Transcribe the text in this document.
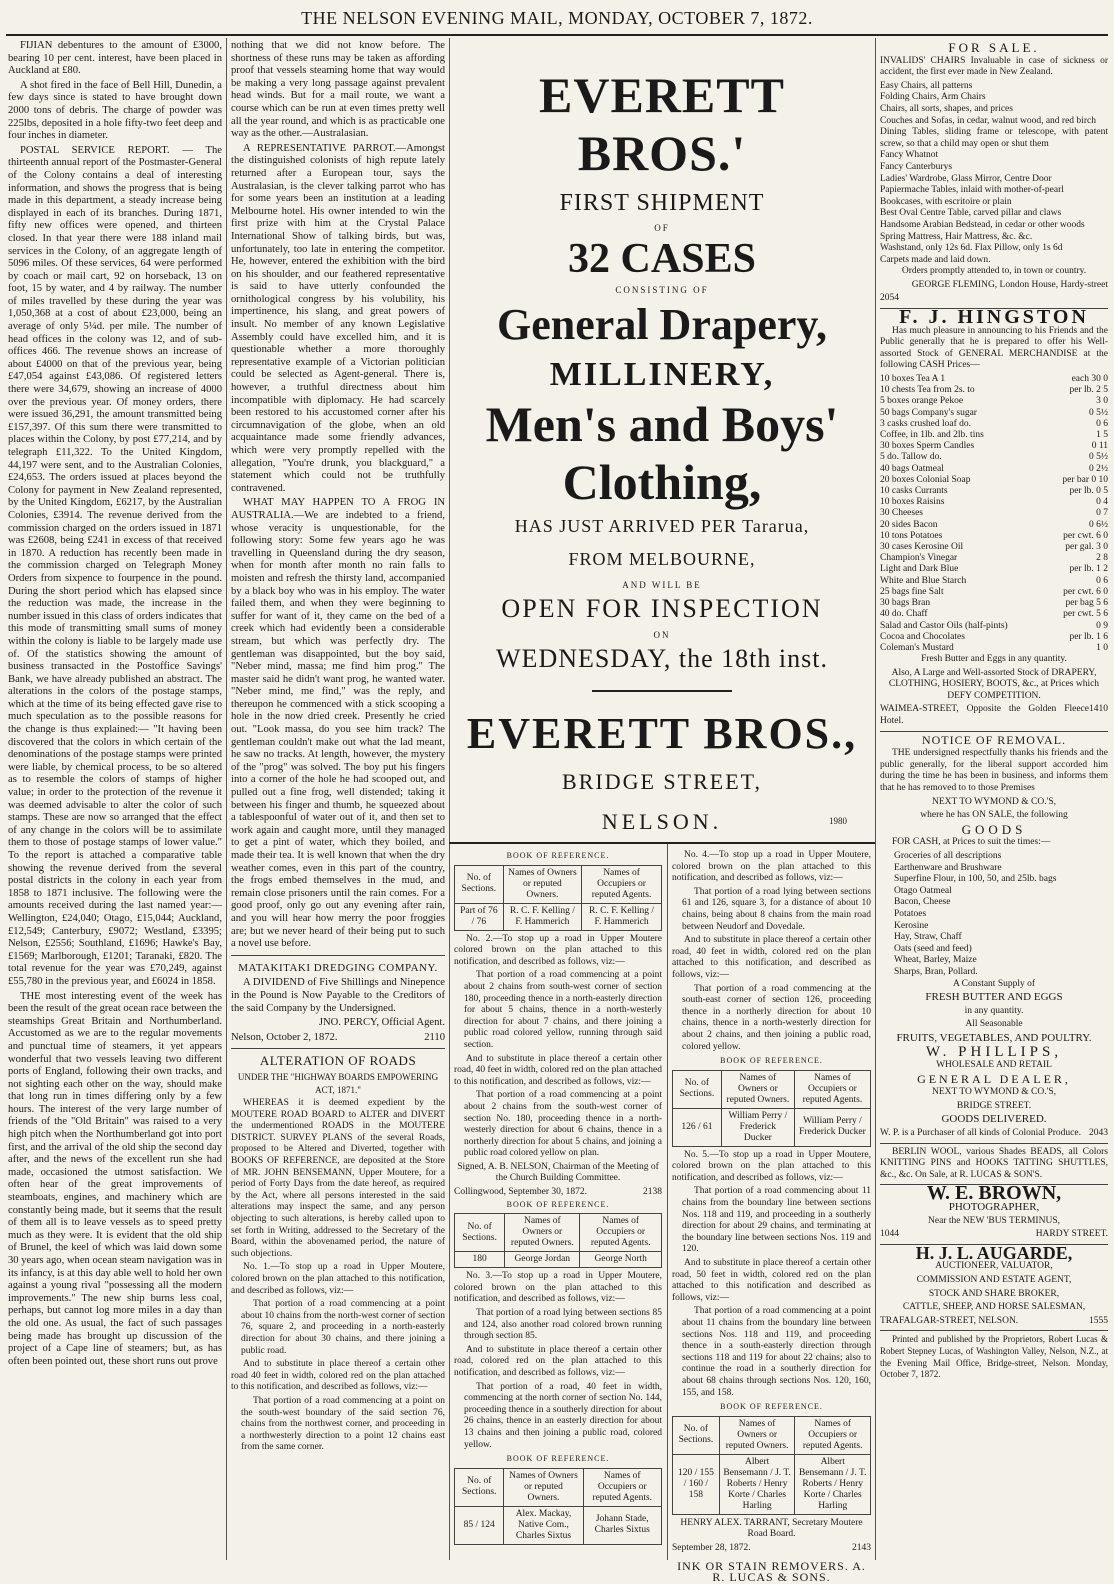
THE NELSON EVENING MAIL, MONDAY, OCTOBER 7, 1872.

FIJIAN debentures to the amount of £3000, bearing 10 per cent. interest, have been placed in Auckland at £80.

A shot fired in the face of Bell Hill, Dunedin, a few days since is stated to have brought down 2000 tons of debris. The charge of powder was 225lbs, deposited in a hole fifty-two feet deep and four inches in diameter.

POSTAL SERVICE REPORT. — The thirteenth annual report of the Postmaster-General of the Colony contains a deal of interesting information, and shows the progress that is being made in this department, a steady increase being displayed in each of its branches. During 1871, fifty new offices were opened, and thirteen closed. In that year there were 188 inland mail services in the Colony, of an aggregate length of 5096 miles. Of these services, 64 were performed by coach or mail cart, 92 on horseback, 13 on foot, 15 by water, and 4 by railway. The number of miles travelled by these during the year was 1,050,368 at a cost of about £23,000, being an average of only 5¼d. per mile. The number of head offices in the colony was 12, and of sub-offices 466. The revenue shows an increase of about £4000 on that of the previous year, being £47,054 against £43,086. Of registered letters there were 34,679, showing an increase of 4000 over the previous year. Of money orders, there were issued 36,291, the amount transmitted being £157,397. Of this sum there were transmitted to places within the Colony, by post £77,214, and by telegraph £11,322. To the United Kingdom, 44,197 were sent, and to the Australian Colonies, £24,653. The orders issued at places beyond the Colony for payment in New Zealand represented, by the United Kingdom, £6217, by the Australian Colonies, £3914. The revenue derived from the commission charged on the orders issued in 1871 was £2608, being £241 in excess of that received in 1870. A reduction has recently been made in the commission charged on Telegraph Money Orders from sixpence to fourpence in the pound. During the short period which has elapsed since the reduction was made, the increase in the number issued in this class of orders indicates that this mode of transmitting small sums of money within the colony is liable to be largely made use of. Of the statistics showing the amount of business transacted in the Postoffice Savings' Bank, we have already published an abstract. The alterations in the colors of the postage stamps, which at the time of its being effected gave rise to much speculation as to the possible reasons for the change is thus explained:— "It having been discovered that the colors in which certain of the denominations of the postage stamps were printed were liable, by chemical process, to be so altered as to resemble the colors of stamps of higher value; in order to the protection of the revenue it was deemed advisable to alter the color of such stamps. These are now so arranged that the effect of any change in the colors will be to assimilate them to those of postage stamps of lower value." To the report is attached a comparative table showing the revenue derived from the several postal districts in the colony in each year from 1858 to 1871 inclusive. The following were the amounts received during the last named year:—Wellington, £24,040; Otago, £15,044; Auckland, £12,549; Canterbury, £9072; Westland, £3395; Nelson, £2556; Southland, £1696; Hawke's Bay, £1569; Marlborough, £1201; Taranaki, £820. The total revenue for the year was £70,249, against £55,780 in the previous year, and £6024 in 1858.

THE most interesting event of the week has been the result of the great ocean race between the steamships Great Britain and Northumberland. Accustomed as we are to the regular movements and punctual time of steamers, it yet appears wonderful that two vessels leaving two different ports of England, following their own tracks, and not sighting each other on the way, should make that long run in times differing only by a few hours. The interest of the very large number of friends of the "Old Britain" was raised to a very high pitch when the Northumberland got into port first, and the arrival of the old ship the second day after, and the news of the excellent run she had made, occasioned the utmost satisfaction. We often hear of the great improvements of steamboats, engines, and machinery which are constantly being made, but it seems that the result of them all is to leave vessels as to speed pretty much as they were. It is evident that the old ship of Brunel, the keel of which was laid down some 30 years ago, when ocean steam navigation was in its infancy, is at this day able well to hold her own against a young rival "possessing all the modern improvements." The new ship burns less coal, perhaps, but cannot log more miles in a day than the old one. As usual, the fact of such passages being made has brought up discussion of the project of a Cape line of steamers; but, as has often been pointed out, these short runs out prove

nothing that we did not know before. The shortness of these runs may be taken as affording proof that vessels steaming home that way would be making a very long passage against prevalent head winds. But for a mail route, we want a course which can be run at even times pretty well all the year round, and which is as practicable one way as the other.—Australasian.

A REPRESENTATIVE PARROT.—Amongst the distinguished colonists of high repute lately returned after a European tour, says the Australasian, is the clever talking parrot who has for some years been an institution at a leading Melbourne hotel. His owner intended to win the first prize with him at the Crystal Palace International Show of talking birds, but was, unfortunately, too late in entering the competitor. He, however, entered the exhibition with the bird on his shoulder, and our feathered representative is said to have utterly confounded the ornithological congress by his volubility, his impertinence, his slang, and great powers of insult. No member of any known Legislative Assembly could have excelled him, and it is questionable whether a more thoroughly representative example of a Victorian politician could be selected as Agent-general. There is, however, a truthful directness about him incompatible with diplomacy. He had scarcely been restored to his accustomed corner after his circumnavigation of the globe, when an old acquaintance made some friendly advances, which were very promptly repelled with the allegation, "You're drunk, you blackguard," a statement which could not be truthfully contravened.

WHAT MAY HAPPEN TO A FROG IN AUSTRALIA.—We are indebted to a friend, whose veracity is unquestionable, for the following story: Some few years ago he was travelling in Queensland during the dry season, when for month after month no rain falls to moisten and refresh the thirsty land, accompanied by a black boy who was in his employ. The water failed them, and when they were beginning to suffer for want of it, they came on the bed of a creek which had evidently been a considerable stream, but which was perfectly dry. The gentleman was disappointed, but the boy said, "Neber mind, massa; me find him prog." The master said he didn't want prog, he wanted water. "Neber mind, me find," was the reply, and thereupon he commenced with a stick scooping a hole in the now dried creek. Presently he cried out. "Look massa, do you see him track? The gentleman couldn't make out what the lad meant, he saw no tracks. At length, however, the mystery of the "prog" was solved. The boy put his fingers into a corner of the hole he had scooped out, and pulled out a fine frog, well distended; taking it between his finger and thumb, he squeezed about a tablespoonful of water out of it, and then set to work again and caught more, until they managed to get a pint of water, which they boiled, and made their tea. It is well known that when the dry weather comes, even in this part of the country, the frogs embed themselves in the mud, and remain close prisoners until the rain comes. For a good proof, only go out any evening after rain, and you will hear how merry the poor froggies are; but we never heard of their being put to such a novel use before.

MATAKITAKI DREDGING COMPANY.

A DIVIDEND of Five Shillings and Ninepence in the Pound is Now Payable to the Creditors of the said Company by the Undersigned.

JNO. PERCY, Official Agent.

Nelson, October 2, 1872.	2110
ALTERATION OF ROADS

UNDER THE "HIGHWAY BOARDS EMPOWERING ACT, 1871."

WHEREAS it is deemed expedient by the MOUTERE ROAD BOARD to ALTER and DIVERT the undermentioned ROADS in the MOUTERE DISTRICT. SURVEY PLANS of the several Roads, proposed to be Altered and Diverted, together with BOOKS OF REFERENCE, are deposited at the Store of MR. JOHN BENSEMANN, Upper Moutere, for a period of Forty Days from the date hereof, as required by the Act, where all persons interested in the said alterations may inspect the same, and any person objecting to such alterations, is hereby called upon to set forth in Writing, addressed to the Secretary of the Board, within the abovenamed period, the nature of such objections.

No. 1.—To stop up a road in Upper Moutere, colored brown on the plan attached to this notification, and described as follows, viz:—

That portion of a road commencing at a point about 10 chains from the north-west corner of section 76, square 2, and proceeding in a north-easterly direction for about 30 chains, and there joining a public road.

And to substitute in place thereof a certain other road 40 feet in width, colored red on the plan attached to this notification, and described as follows, viz:—

That portion of a road commencing at a point on the south-west boundary of the said section 76, chains from the northwest corner, and proceeding in a northwesterly direction to a point 12 chains east from the same corner.

EVERETT BROS.'
FIRST SHIPMENT
OF
32 CASES
CONSISTING OF
General Drapery,
MILLINERY,
Men's and Boys'
Clothing,
HAS JUST ARRIVED PER Tararua,
FROM MELBOURNE,
AND WILL BE
OPEN FOR INSPECTION
ON
WEDNESDAY, the 18th inst.
EVERETT BROS.,
BRIDGE STREET,
NELSON.	1980

BOOK OF REFERENCE.

No. of Sections.	Names of Owners or reputed Owners.	Names of Occupiers or reputed Agents.
Part of 76 / 76	R. C. F. Kelling / F. Hammerich	R. C. F. Kelling / F. Hammerich

No. 2.—To stop up a road in Upper Moutere colored brown on the plan attached to this notification, and described as follows, viz:—

That portion of a road commencing at a point about 2 chains from south-west corner of section 180, proceeding thence in a north-easterly direction for about 5 chains, thence in a north-westerly direction for about 7 chains, and there joining a public road colored yellow, running through said section.

And to substitute in place thereof a certain other road, 40 feet in width, colored red on the plan attached to this notification, and described as follows, viz:—

That portion of a road commencing at a point about 2 chains from the south-west corner of section No. 180, proceeding thence in a north-westerly direction for about 6 chains, thence in a northerly direction for about 5 chains, and joining a public road colored yellow on plan.

Signed, A. B. NELSON, Chairman of the Meeting of the Church Building Committee.

Collingwood, September 30, 1872.	2138

BOOK OF REFERENCE.

No. of Sections.	Names of Owners or reputed Owners.	Names of Occupiers or reputed Agents.
180	George Jordan	George North

No. 3.—To stop up a road in Upper Moutere, colored brown on the plan attached to this notification, and described as follows, viz:—

That portion of a road lying between sections 85 and 124, also another road colored brown running through section 85.

And to substitute in place thereof a certain other road, colored red on the plan attached to this notification, and described as follows, viz:—

That portion of a road, 40 feet in width, commencing at the north corner of section No. 144, proceeding thence in a southerly direction for about 26 chains, thence in an easterly direction for about 13 chains and then joining a public road, colored yellow.

BOOK OF REFERENCE.

No. of Sections.	Names of Owners or reputed Owners.	Names of Occupiers or reputed Agents.
85 / 124	Alex. Mackay, Native Com., Charles Sixtus	Johann Stade, Charles Sixtus

No. 4.—To stop up a road in Upper Moutere, colored brown on the plan attached to this notification, and described as follows, viz:—

That portion of a road lying between sections 61 and 126, square 3, for a distance of about 10 chains, being about 8 chains from the main road between Neudorf and Dovedale.

And to substitute in place thereof a certain other road, 40 feet in width, colored red on the plan attached to this notification, and described as follows, viz:—

That portion of a road commencing at the south-east corner of section 126, proceeding thence in a northerly direction for about 10 chains, thence in a north-westerly direction for about 2 chains, and then joining a public road, colored yellow.

BOOK OF REFERENCE.

No. of Sections.	Names of Owners or reputed Owners.	Names of Occupiers or reputed Agents.
126 / 61	William Perry / Frederick Ducker	William Perry / Frederick Ducker

No. 5.—To stop up a road in Upper Moutere, colored brown on the plan attached to this notification, and described as follows, viz:—

That portion of a road commencing about 11 chains from the boundary line between sections Nos. 118 and 119, and proceeding in a southerly direction for about 29 chains, and terminating at the boundary line between sections Nos. 119 and 120.

And to substitute in place thereof a certain other road, 50 feet in width, colored red on the plan attached to this notification and described as follows, viz:—

That portion of a road commencing at a point about 11 chains from the boundary line between sections Nos. 118 and 119, and proceeding thence in a south-easterly direction through sections 118 and 119 for about 22 chains; also to continue the road in a southerly direction for about 68 chains through sections Nos. 120, 160, 155, and 158.

BOOK OF REFERENCE.

No. of Sections.	Names of Owners or reputed Owners.	Names of Occupiers or reputed Agents.
120 / 155 / 160 / 158	Albert Bensemann / J. T. Roberts / Henry Korte / Charles Harling	Albert Bensemann / J. T. Roberts / Henry Korte / Charles Harling

HENRY ALEX. TARRANT, Secretary Moutere Road Board.

September 28, 1872.	2143

INK OR STAIN REMOVERS. A. R. LUCAS & SONS.

FOR SALE.

INVALIDS' CHAIRS Invaluable in case of sickness or accident, the first ever made in New Zealand.

Easy Chairs, all patterns
Folding Chairs, Arm Chairs
Chairs, all sorts, shapes, and prices
Couches and Sofas, in cedar, walnut wood, and red birch
Dining Tables, sliding frame or telescope, with patent screw, so that a child may open or shut them
Fancy Whatnot
Fancy Canterburys
Ladies' Wardrobe, Glass Mirror, Centre Door
Papiermache Tables, inlaid with mother-of-pearl
Bookcases, with escritoire or plain
Best Oval Centre Table, carved pillar and claws
Handsome Arabian Bedstead, in cedar or other woods
Spring Mattress, Hair Mattress, &c. &c.
Washstand, only 12s 6d. Flax Pillow, only 1s 6d
Carpets made and laid down.

Orders promptly attended to, in town or country.

GEORGE FLEMING, London House, Hardy-street

2054

F. J. HINGSTON

Has much pleasure in announcing to his Friends and the Public generally that he is prepared to offer his Well-assorted Stock of GENERAL MERCHANDISE at the following CASH Prices—

10 boxes Tea A 1	each 30 0
10 chests Tea from 2s. to	per lb. 2 5
5 boxes orange Pekoe	3 0
50 bags Company's sugar	0 5½
3 casks crushed loaf do.	0 6
Coffee, in 1lb. and 2lb. tins	1 5
30 boxes Sperm Candles	0 11
5 do. Tallow do.	0 5½
40 bags Oatmeal	0 2½
20 boxes Colonial Soap	per bar 0 10
10 casks Currants	per lb. 0 5
10 boxes Raisins	0 4
30 Cheeses	0 7
20 sides Bacon	0 6½
10 tons Potatoes	per cwt. 6 0
30 cases Kerosine Oil	per gal. 3 0
Champion's Vinegar	2 8
Light and Dark Blue	per lb. 1 2
White and Blue Starch	0 6
25 bags fine Salt	per cwt. 6 0
30 bags Bran	per bag 5 6
40 do. Chaff	per cwt. 5 6
Salad and Castor Oils (half-pints)	0 9
Cocoa and Chocolates	per lb. 1 6
Coleman's Mustard	1 0

Fresh Butter and Eggs in any quantity.

Also, A Large and Well-assorted Stock of DRAPERY, CLOTHING, HOSIERY, BOOTS, &c., at Prices which DEFY COMPETITION.

WAIMEA-STREET, Opposite the Golden Fleece Hotel.
1410
NOTICE OF REMOVAL.

THE undersigned respectfully thanks his friends and the public generally, for the liberal support accorded him during the time he has been in business, and informs them that he has removed to to those Premises

NEXT TO WYMOND & CO.'S,

where he has ON SALE, the following

GOODS

FOR CASH, at Prices to suit the times:—

Groceries of all descriptions
Earthenware and Brushware
Superfine Flour, in 100, 50, and 25lb. bags
Otago Oatmeal
Bacon, Cheese
Potatoes
Kerosine
Hay, Straw, Chaff
Oats (seed and feed)
Wheat, Barley, Maize
Sharps, Bran, Pollard.

A Constant Supply of

FRESH BUTTER AND EGGS

in any quantity.

All Seasonable

FRUITS, VEGETABLES, AND POULTRY.

W. PHILLIPS,

WHOLESALE AND RETAIL

GENERAL DEALER,

NEXT TO WYMOND & CO.'S,

BRIDGE STREET.

GOODS DELIVERED.

W. P. is a Purchaser of all kinds of Colonial Produce. 2043

BERLIN WOOL, various Shades BEADS, all Colors KNITTING PINS and HOOKS TATTING SHUTTLES, &c., &c. On Sale, at R. LUCAS & SON'S.

W. E. BROWN,

PHOTOGRAPHER,

Near the NEW 'BUS TERMINUS,

1044	HARDY STREET.

H. J. L. AUGARDE,

AUCTIONEER, VALUATOR,

COMMISSION AND ESTATE AGENT,

STOCK AND SHARE BROKER,

CATTLE, SHEEP, AND HORSE SALESMAN,

TRAFALGAR-STREET, NELSON.	1555

Printed and published by the Proprietors, Robert Lucas & Robert Stepney Lucas, of Washington Valley, Nelson, N.Z., at the Evening Mail Office, Bridge-street, Nelson. Monday, October 7, 1872.
